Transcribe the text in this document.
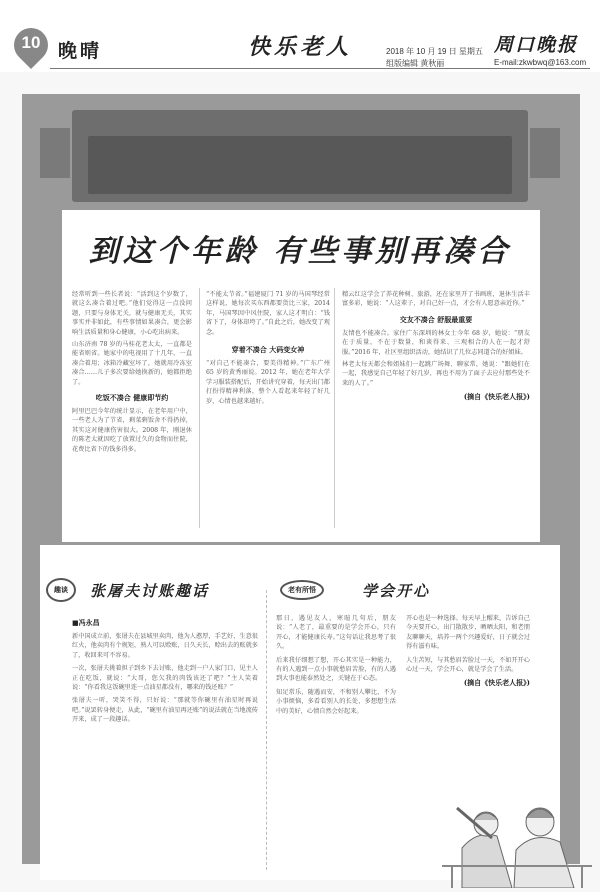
10 晚晴	快乐老人	周口晚报
2018 年 10 月 19 日 星期五
组版编辑 黄秋丽	E-mail:zkwbwq@163.com
到这个年龄 有些事别再凑合
经常听到一些长者说：“活到这个岁数了，就这么凑合着过吧。”他们觉得这一点没问题，只要与身体无关，就与健康无关，其实事实并非如此，有些事情如果凑合，更会影响生活质量和身心健康，小心吃出病来。
山东济南 78 岁的马桂花老太太，一直都是能省则省。她家中的电视用了十几年，一直凑合着用；冰箱冷藏室坏了，她就用冷冻室凑合……儿子多次要给她换新的，她都拒绝了。
吃饭不凑合 健康即节约
阿里巴巴今年的统计显示，在老年用户中，一些老人为了节省，剩菜剩饭舍不得扔掉，其实这对健康伤害很大。2008 年，刚退休的陈老太就因吃了放置过久的食物而住院，花费比省下的钱多得多。
“不能太节省。”福建厦门 71 岁的马国琴经常这样说，她每次买东西都要货比三家，2014 年，马国琴因中风住院，家人这才明白：“钱省下了，身体却垮了。”自此之后，她改变了观念。
穿着不凑合 大码变女神
“对自己不能凑合，要美得精神。”广东广州 65 岁的黄秀丽说。2012 年，她在老年大学学习服装搭配后，开始讲究穿着，每天出门都打扮得精神利落，整个人看起来年轻了好几岁，心情也越来越好。
精云红这学会了养花种树、旅游，还在家里开了书画班，退休生活丰富多彩，她说：“人这辈子，对自己好一点，才会有人愿意亲近你。”
交友不凑合 舒服最重要
友情也不能凑合。家住广东深圳的林女士今年 68 岁，她说：“朋友在于质量，不在于数量，和谈得来、三观相合的人在一起才舒服。”2016 年，社区里组织活动，她结识了几位志同道合的好姐妹。
林老太每天都会和姐妹们一起跳广场舞、聊家常，她说：“跟她们在一起，我感觉自己年轻了好几岁，再也不用为了面子去应付那些处不来的人了。”
(摘自《快乐老人报》)
趣谈	张屠夫讨账趣话
■冯永昌
新中国成立前，张屠夫在县城里卖肉，他为人憨厚，手艺好，生意很红火，他卖肉有个规矩，熟人可以赊账，日久天长，赊出去的账就多了，收回来可不容易。
一次，张屠夫挑着担子到乡下去讨账，他走到一户人家门口，见主人正在吃饭，就说：“大哥，您欠我的肉钱该还了吧？”主人笑着说：“你看我这饭碗里连一点油星都没有，哪来的钱还账？”
张屠夫一听，哭笑不得，只好说：“那就等你碗里有油星时再说吧。”说罢转身便走，从此，“碗里有油星再还账”的说法就在当地流传开来，成了一段趣话。
老有所悟	学会开心
那日，遇见友人，寒暄几句后，朋友说：“人老了，最重要的是学会开心，只有开心，才能健康长寿。”这句话让我思考了很久。
后来我仔细想了想，开心其实是一种能力，有的人遇到一点小事就愁眉苦脸，有的人遇到大事也能泰然处之，关键在于心态。
知足常乐，随遇而安，不和别人攀比，不为小事烦恼，多看看别人的长处，多想想生活中的美好，心情自然会好起来。
开心也是一种选择。每天早上醒来，告诉自己今天要开心，出门散散步、晒晒太阳，和老朋友聊聊天，培养一两个兴趣爱好，日子就会过得有滋有味。
人生苦短，与其愁眉苦脸过一天，不如开开心心过一天，学会开心，就是学会了生活。
(摘自《快乐老人报》)
